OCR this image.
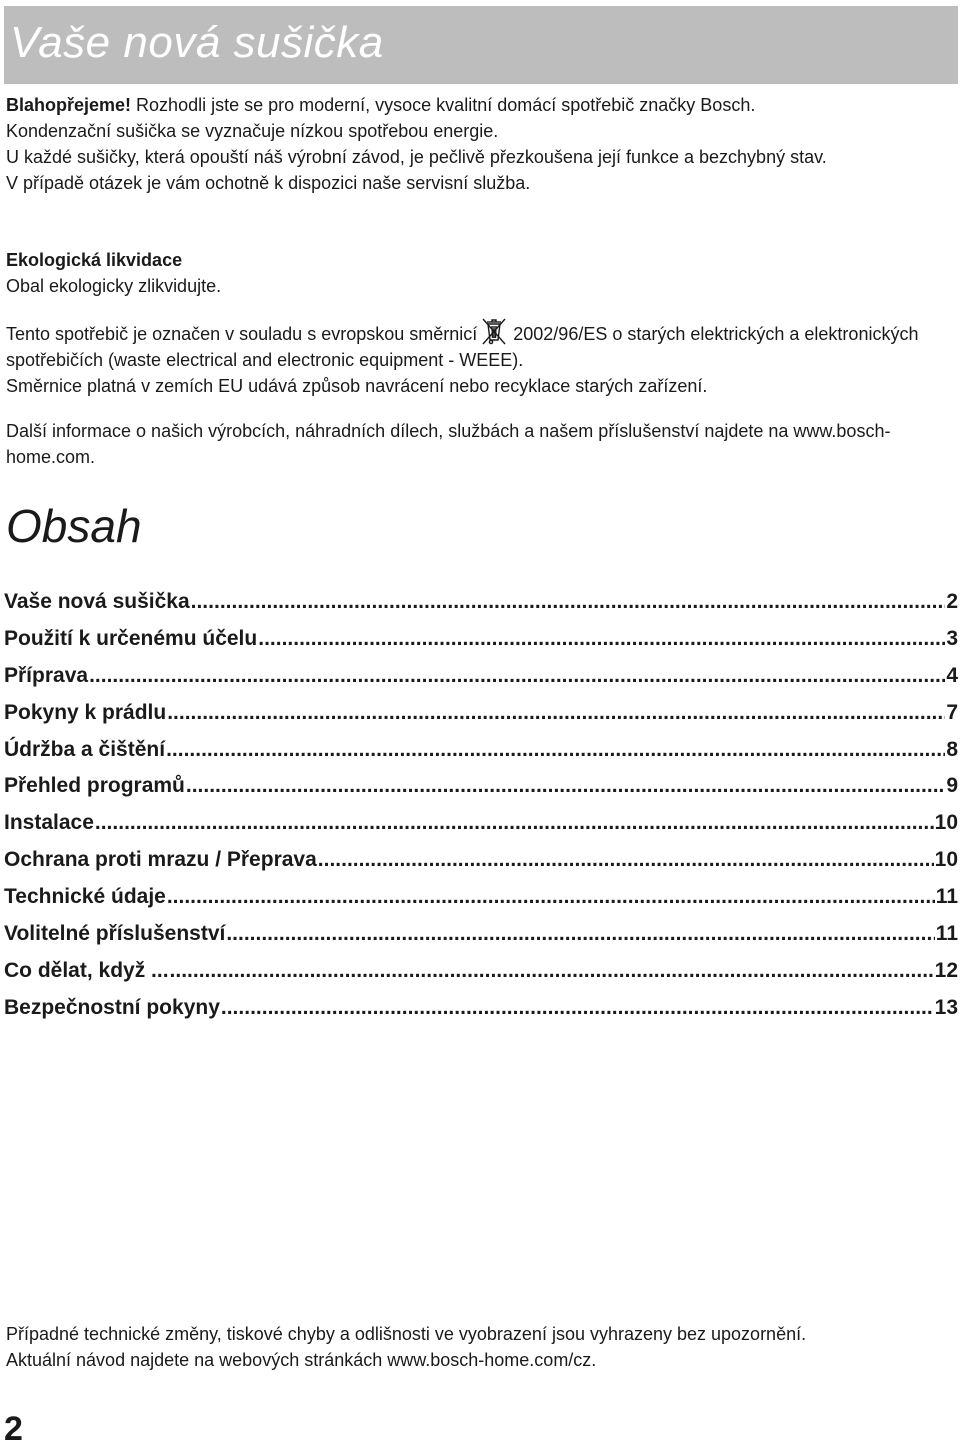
Vaše nová sušička

Blahopřejeme! Rozhodli jste se pro moderní, vysoce kvalitní domácí spotřebič značky Bosch.

Kondenzační sušička se vyznačuje nízkou spotřebou energie.

U každé sušičky, která opouští náš výrobní závod, je pečlivě přezkoušena její funkce a bezchybný stav.

V případě otázek je vám ochotně k dispozici naše servisní služba.

Ekologická likvidace

Obal ekologicky zlikvidujte.

Tento spotřebič je označen v souladu s evropskou směrnicí 2002/96/ES o starých elektrických a elektronických spotřebičích (waste electrical and electronic equipment - WEEE).

Směrnice platná v zemích EU udává způsob navrácení nebo recyklace starých zařízení.

Další informace o našich výrobcích, náhradních dílech, službách a našem příslušenství najdete na www.bosch-home.com.

Obsah
Vaše nová sušička .....	2
Použití k určenému účelu .....	3
Příprava .....	4
Pokyny k prádlu .....	7
Údržba a čištění .....	8
Přehled programů .....	9
Instalace .....	10
Ochrana proti mrazu / Přeprava .....	10
Technické údaje .....	11
Volitelné příslušenství .....	11
Co dělat, když ... .....	12
Bezpečnostní pokyny .....	13

Případné technické změny, tiskové chyby a odlišnosti ve vyobrazení jsou vyhrazeny bez upozornění.

Aktuální návod najdete na webových stránkách www.bosch-home.com/cz.

2
